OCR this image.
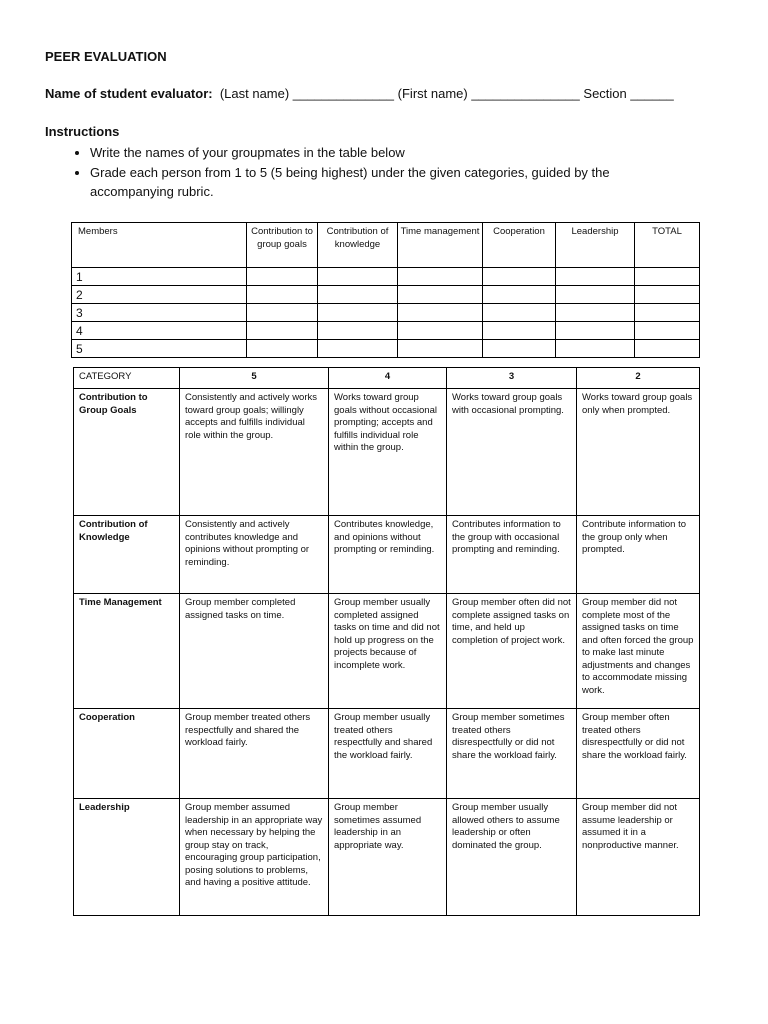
PEER EVALUATION
Name of student evaluator: (Last name) ______________ (First name) _______________ Section ______
Instructions
• Write the names of your groupmates in the table below
• Grade each person from 1 to 5 (5 being highest) under the given categories, guided by the accompanying rubric.
Members	Contribution to group goals	Contribution of knowledge	Time management	Cooperation	Leadership	TOTAL
1						
2						
3						
4						
5						
CATEGORY	5	4	3	2
Contribution to Group Goals	Consistently and actively works toward group goals; willingly accepts and fulfills individual role within the group.	Works toward group goals without occasional prompting; accepts and fulfills individual role within the group.	Works toward group goals with occasional prompting.	Works toward group goals only when prompted.
Contribution of Knowledge	Consistently and actively contributes knowledge and opinions without prompting or reminding.	Contributes knowledge, and opinions without prompting or reminding.	Contributes information to the group with occasional prompting and reminding.	Contribute information to the group only when prompted.
Time Management	Group member completed assigned tasks on time.	Group member usually completed assigned tasks on time and did not hold up progress on the projects because of incomplete work.	Group member often did not complete assigned tasks on time, and held up completion of project work.	Group member did not complete most of the assigned tasks on time and often forced the group to make last minute adjustments and changes to accommodate missing work.
Cooperation	Group member treated others respectfully and shared the workload fairly.	Group member usually treated others respectfully and shared the workload fairly.	Group member sometimes treated others disrespectfully or did not share the workload fairly.	Group member often treated others disrespectfully or did not share the workload fairly.
Leadership	Group member assumed leadership in an appropriate way when necessary by helping the group stay on track, encouraging group participation, posing solutions to problems, and having a positive attitude.	Group member sometimes assumed leadership in an appropriate way.	Group member usually allowed others to assume leadership or often dominated the group.	Group member did not assume leadership or assumed it in a nonproductive manner.
